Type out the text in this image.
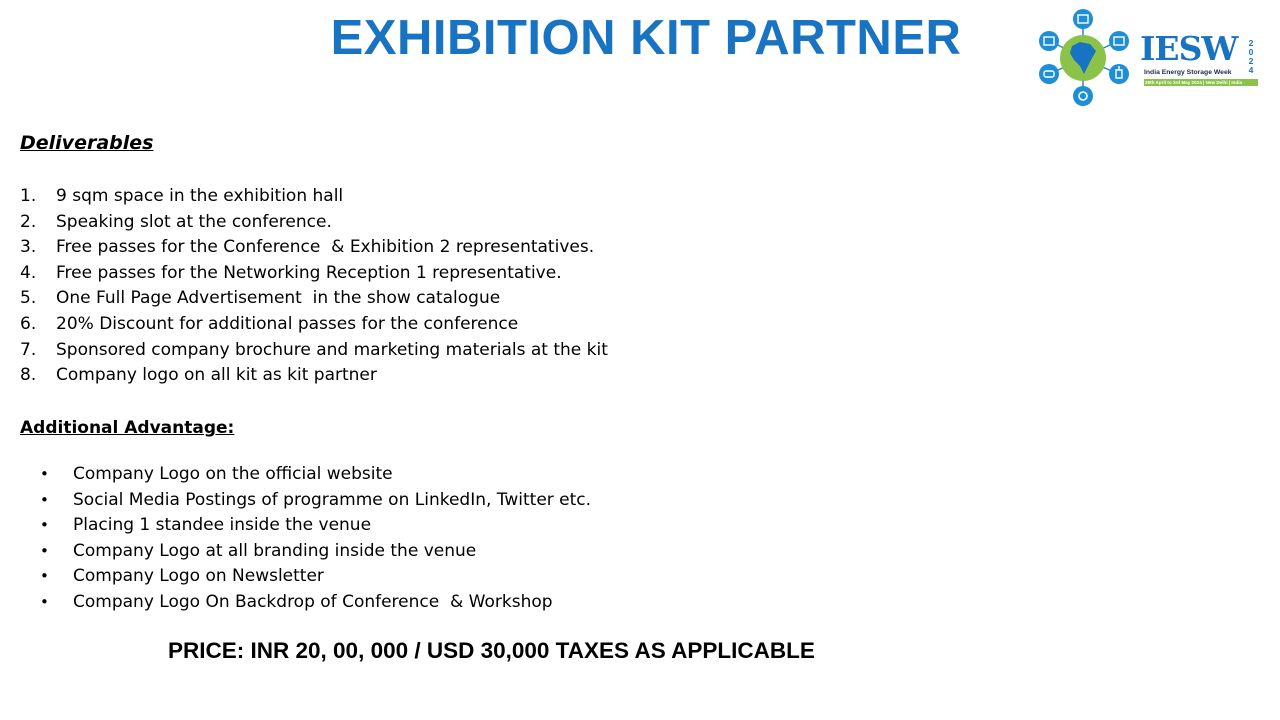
EXHIBITION KIT PARTNER	IESW	2
0
2
4
India Energy Storage Week
28th April to 3rd May 2024 | New Delhi | India
Deliverables
1.	9 sqm space in the exhibition hall
2.	Speaking slot at the conference.
3.	Free passes for the Conference  & Exhibition 2 representatives.
4.	Free passes for the Networking Reception 1 representative.
5.	One Full Page Advertisement  in the show catalogue
6.	20% Discount for additional passes for the conference
7.	Sponsored company brochure and marketing materials at the kit
8.	Company logo on all kit as kit partner
Additional Advantage:
•	Company Logo on the official website
•	Social Media Postings of programme on LinkedIn, Twitter etc.
•	Placing 1 standee inside the venue
•	Company Logo at all branding inside the venue
•	Company Logo on Newsletter
•	Company Logo On Backdrop of Conference  & Workshop

PRICE: INR 20, 00, 000 / USD 30,000 TAXES AS APPLICABLE
